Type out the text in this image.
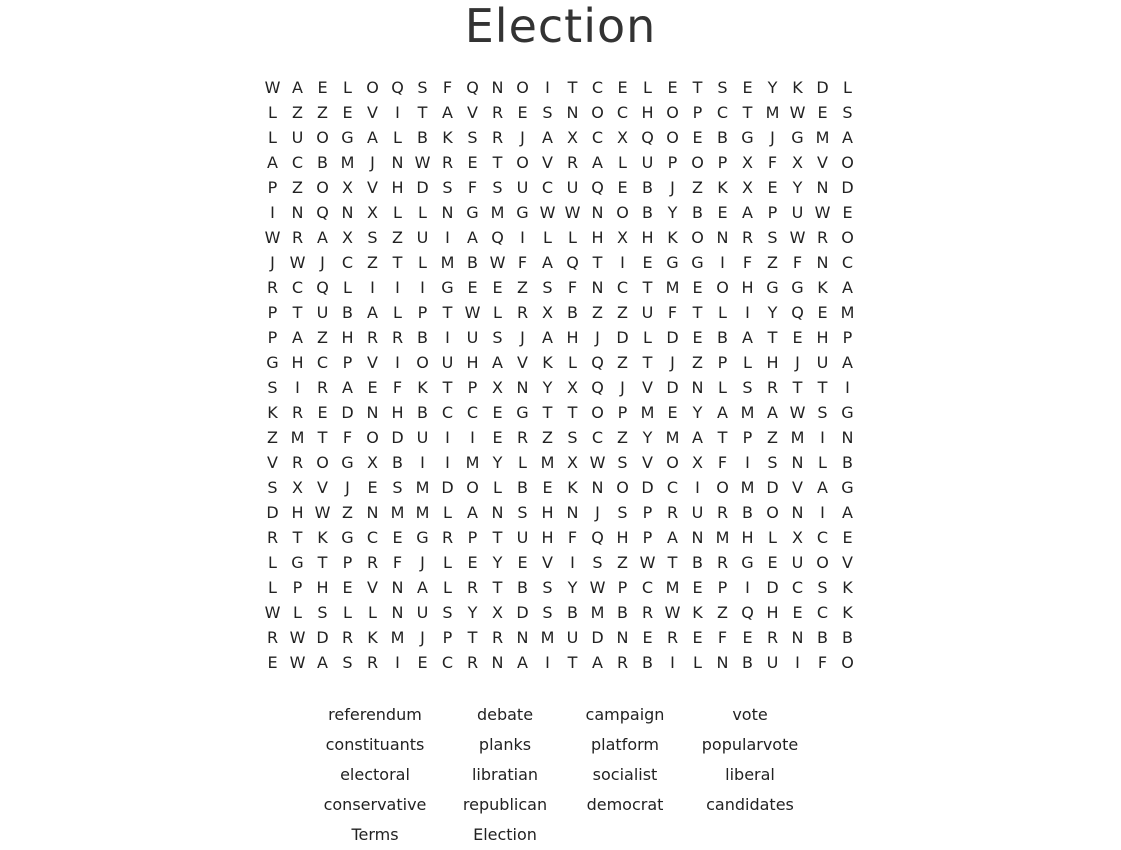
Election
W A E L O Q S F Q N O	I	T C E L E T S E Y K D L
L Z Z E V	I	T A V R E S N O C H O P C T M W E S
L U O G A L B K S R	J	A X C X Q O E B G	J	G M A
A C B M J	N W R E T O V R A L U P O P X F X V O
P Z O X V H D S F S U C U Q E B	J	Z K X E Y N D
I	N Q N X L	L N G M G W W N O B Y B E A P U W E
W R A X S Z U	I	A Q	I	L	L H X H K O N R S W R O
J W J	C Z T L M B W F A Q T	I	E G G	I	F Z F N C
R C Q L	I	I	I	G E E Z S F N C T M E O H G G K A
P T U B A L P T W L R X B Z Z U F T L	I	Y Q E M
P A Z H R R B	I	U S	J	A H	J	D L D E B A T E H P
G H C P V	I	O U H A V K L Q Z T	J	Z P L H	J	U A
S	I	R A E F K T P X N Y X Q	J	V D N L S R T T	I
K R E D N H B C C E G T T O P M E Y A M A W S G
Z M T F O D U	I	I	E R Z S C Z Y M A T P Z M I	N
V R O G X B	I	I M Y L M X W S V O X F	I	S N L B
S X V	J	E S M D O L B E K N O D C	I	O M D V A G
D H W Z N M M L A N S H N	J	S P R U R B O N	I	A
R T K G C E G R P T U H F Q H P A N M H L X C E
L G T P R F	J	L E Y E V	I	S Z W T B R G E U O V
L P H E V N A L R T B S Y W P C M E P	I	D C S K
W L S L	L N U S Y X D S B M B R W K Z Q H E C K
R W D R K M J	P T R N M U D N E R E F E R N B B
E W A S R	I	E C R N A	I	T A R B	I	L N B U	I	F O
referendum	debate	campaign	vote
constituants	planks	platform	popularvote
electoral	libratian	socialist	liberal
conservative	republican	democrat	candidates
Terms	Election
